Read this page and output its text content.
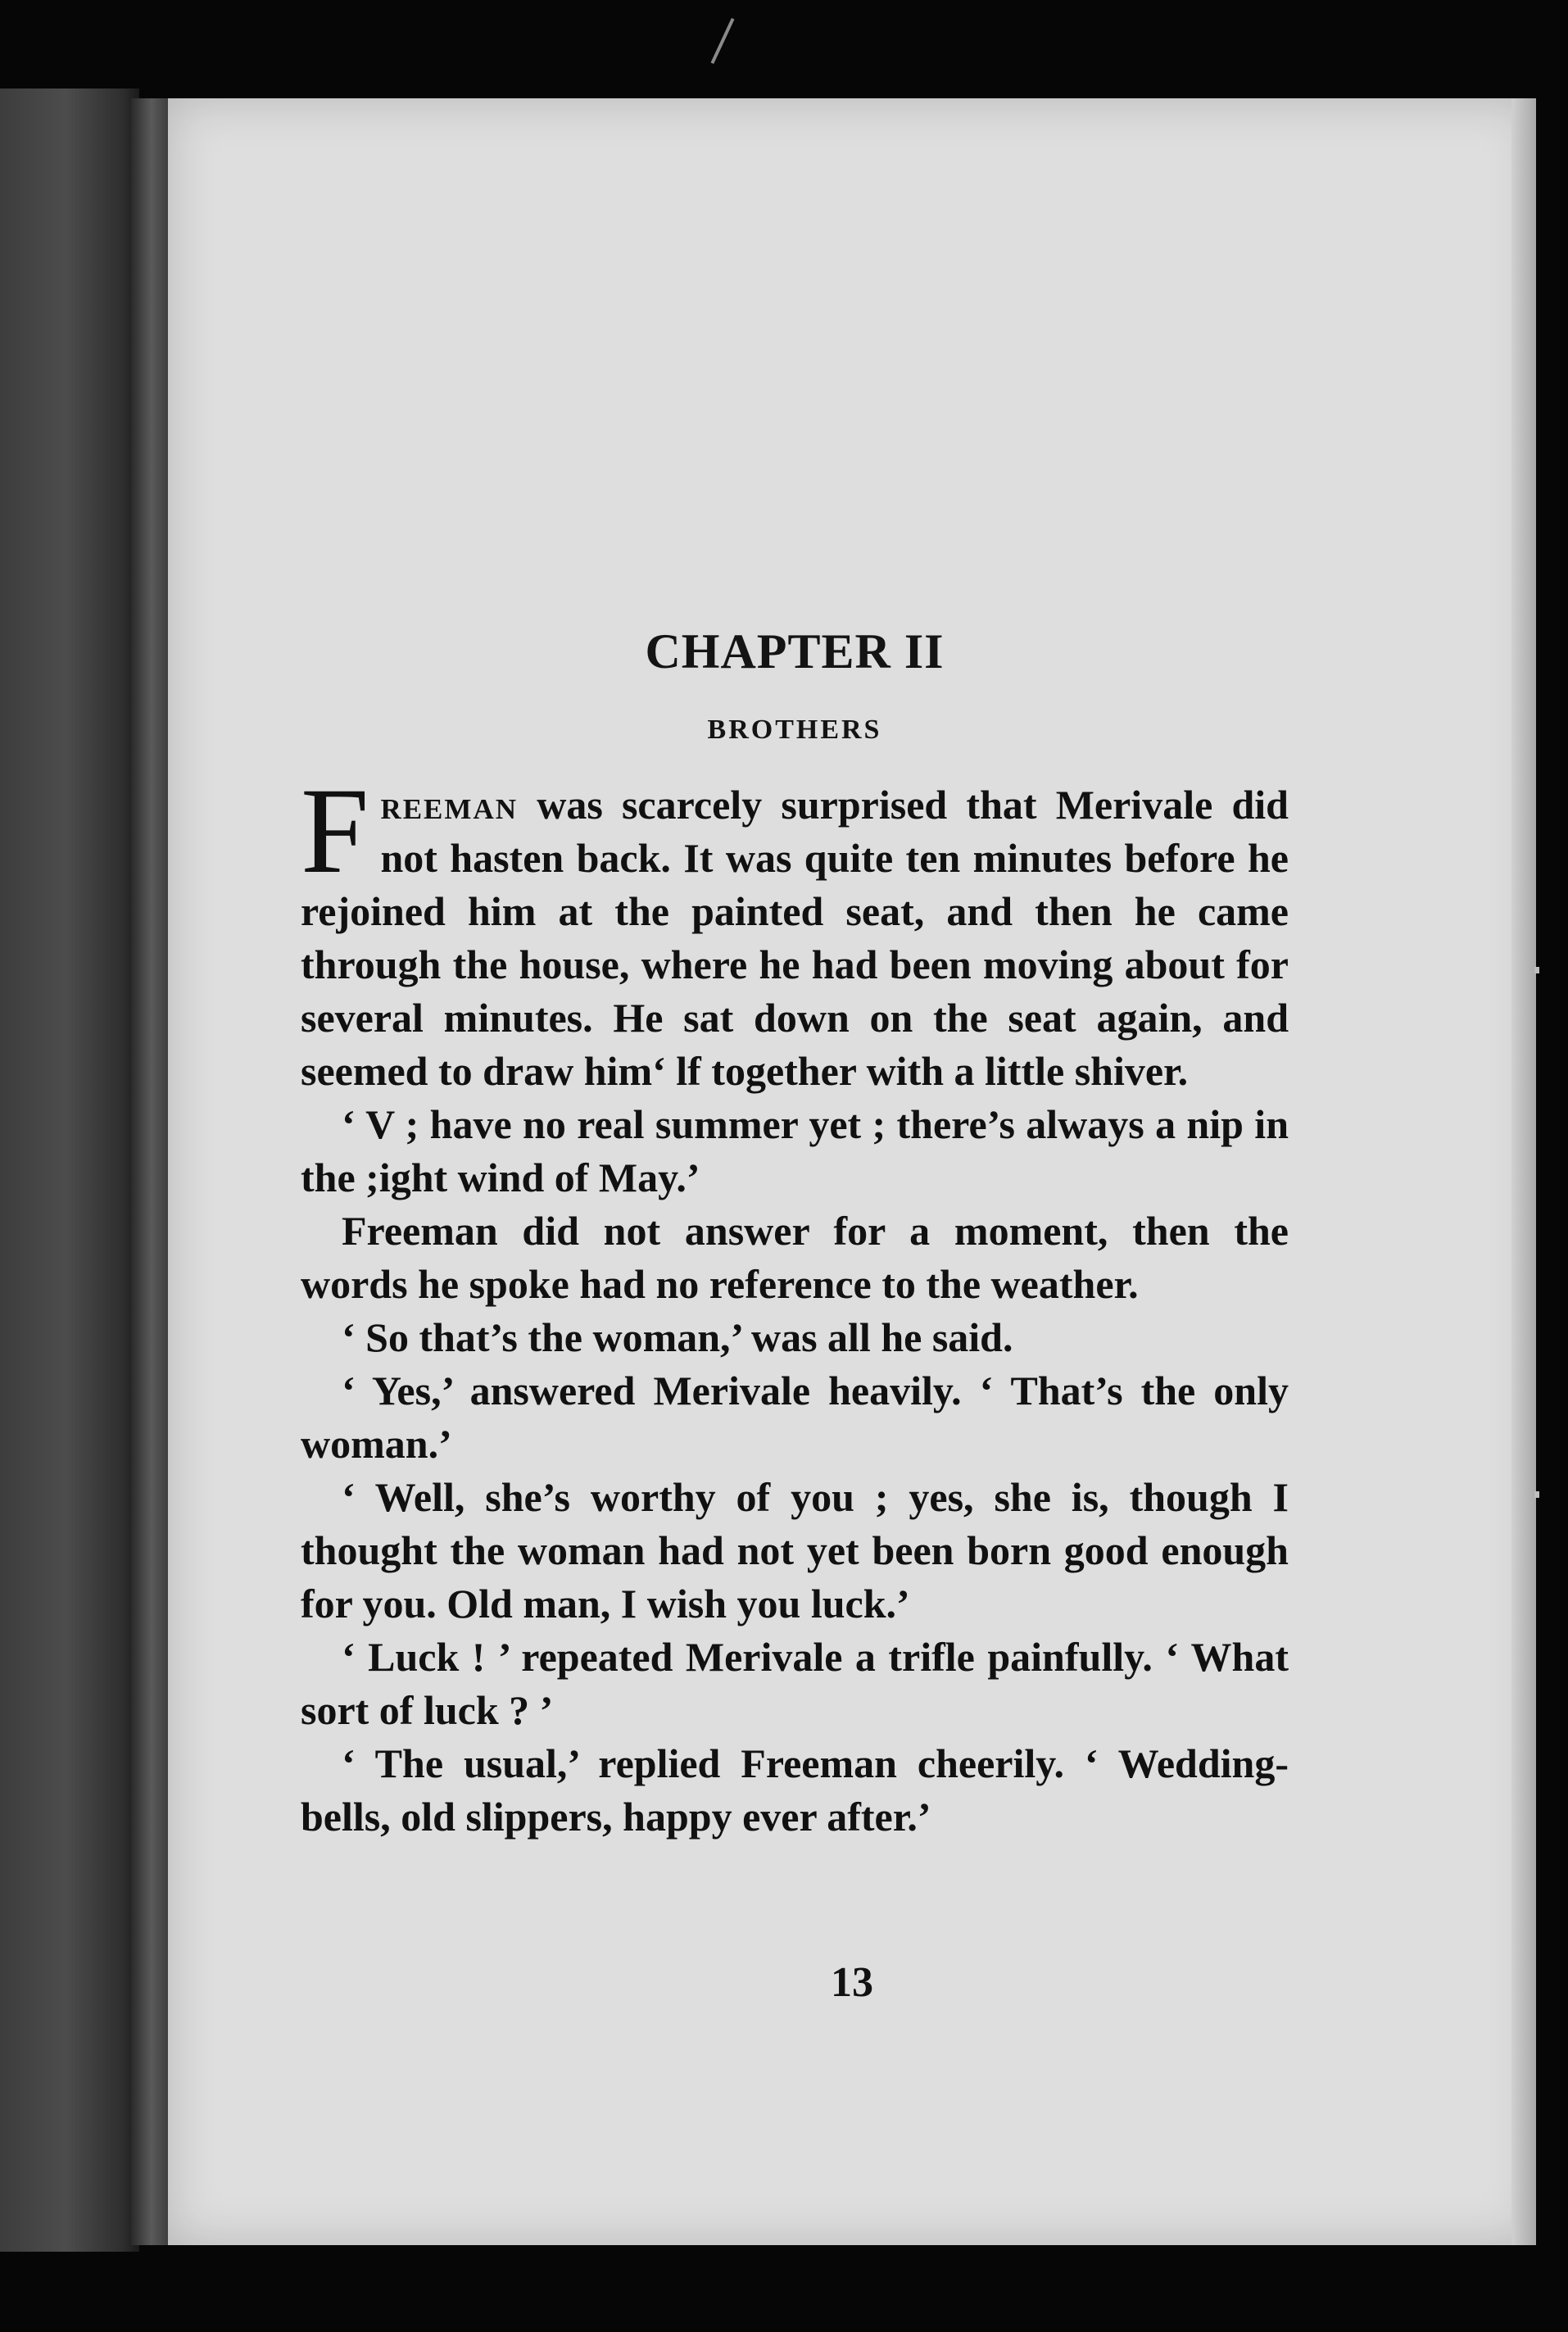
CHAPTER II
BROTHERS

Freeman was scarcely surprised that Merivale did not hasten back. It was quite ten minutes before he rejoined him at the painted seat, and then he came through the house, where he had been moving about for several minutes. He sat down on the seat again, and seemed to draw him‘ lf together with a little shiver.

‘ V ; have no real summer yet ; there’s always a nip in the ;ight wind of May.’

Freeman did not answer for a moment, then the words he spoke had no reference to the weather.

‘ So that’s the woman,’ was all he said.

‘ Yes,’ answered Merivale heavily. ‘ That’s the only woman.’

‘ Well, she’s worthy of you ; yes, she is, though I thought the woman had not yet been born good enough for you. Old man, I wish you luck.’

‘ Luck ! ’ repeated Merivale a trifle painfully. ‘ What sort of luck ? ’

‘ The usual,’ replied Freeman cheerily. ‘ Wedding-bells, old slippers, happy ever after.’

13
